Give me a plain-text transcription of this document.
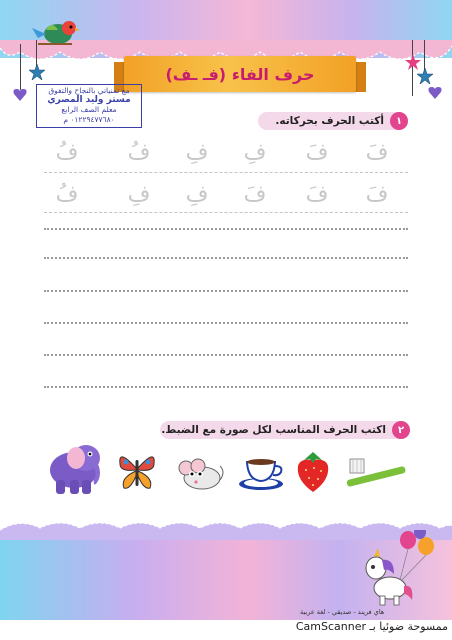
حرف الفاء (فـ ـف)
مع تمنياتي بالنجاح والتفوق
مستر وليد المصري
معلم الصف الرابع
٠١٢٢٩٤٧٧٦٨٠ م	١
أكتب الحرف بحركاته.
فَ
فَ
فِ
فِ
فُ
فُ
فَ
فَ
فَ
فِ
فِ
فُ
٢
اكتب الحرف المناسب لكل صورة مع الضبط.
هاي فريند - صديقي - لغة عربية
ممسوحة ضوئيا بـ CamScanner
